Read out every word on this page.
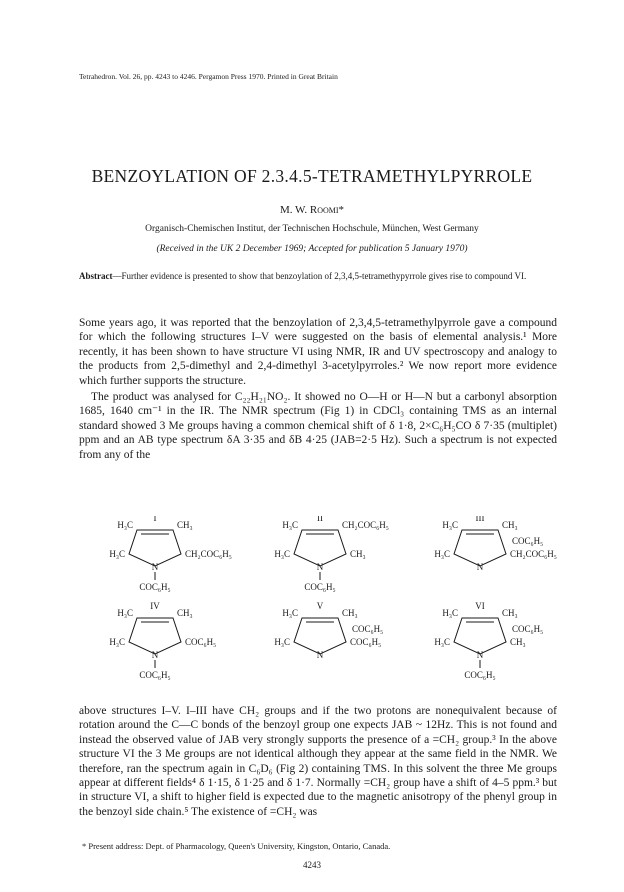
Tetrahedron. Vol. 26, pp. 4243 to 4246. Pergamon Press 1970. Printed in Great Britain
BENZOYLATION OF 2.3.4.5-TETRAMETHYLPYRROLE
M. W. Roomi*
Organisch-Chemischen Institut, der Technischen Hochschule, München, West Germany
(Received in the UK 2 December 1969; Accepted for publication 5 January 1970)
Abstract—Further evidence is presented to show that benzoylation of 2,3,4,5-tetramethypyrrole gives rise to compound VI.

Some years ago, it was reported that the benzoylation of 2,3,4,5-tetramethylpyrrole gave a compound for which the following structures I–V were suggested on the basis of elemental analysis.¹ More recently, it has been shown to have structure VI using NMR, IR and UV spectroscopy and analogy to the products from 2,5-dimethyl and 2,4-dimethyl 3-acetylpyrroles.² We now report more evidence which further supports the structure.

The product was analysed for C₂₂H₂₁NO₂. It showed no O—H or H—N but a carbonyl absorption 1685, 1640 cm⁻¹ in the IR. The NMR spectrum (Fig 1) in CDCl₃ containing TMS as an internal standard showed 3 Me groups having a common chemical shift of δ 1·8, 2×C₆H₅CO δ 7·35 (multiplet) ppm and an AB type spectrum δA 3·35 and δB 4·25 (JAB=2·5 Hz). Such a spectrum is not expected from any of the

I
H₃C	CH₃
H₃C	CH₂COC₆H₅
N
COC₆H₅
II
H₃C	CH₂COC₆H₅
H₃C	CH₃
N
COC₆H₅
III
H₃C	CH₃
H₃C	CH₂COC₆H₅
COC₆H₅
N
IV
H₃C	CH₃
H₃C	COC₆H₅
N
COC₆H₅
V
H₃C	CH₃
H₃C	COC₆H₅
COC₆H₅
N
VI
H₃C	CH₃
H₃C	CH₃
COC₆H₅
N
COC₆H₅

above structures I–V. I–III have CH₂ groups and if the two protons are nonequivalent because of rotation around the C—C bonds of the benzoyl group one expects JAB ~ 12Hz. This is not found and instead the observed value of JAB very strongly supports the presence of a =CH₂ group.³ In the above structure VI the 3 Me groups are not identical although they appear at the same field in the NMR. We therefore, ran the spectrum again in C₆D₆ (Fig 2) containing TMS. In this solvent the three Me groups appear at different fields⁴ δ 1·15, δ 1·25 and δ 1·7. Normally =CH₂ group have a shift of 4–5 ppm.³ but in structure VI, a shift to higher field is expected due to the magnetic anisotropy of the phenyl group in the benzoyl side chain.⁵ The existence of =CH₂ was

* Present address: Dept. of Pharmacology, Queen's University, Kingston, Ontario, Canada.
4243
